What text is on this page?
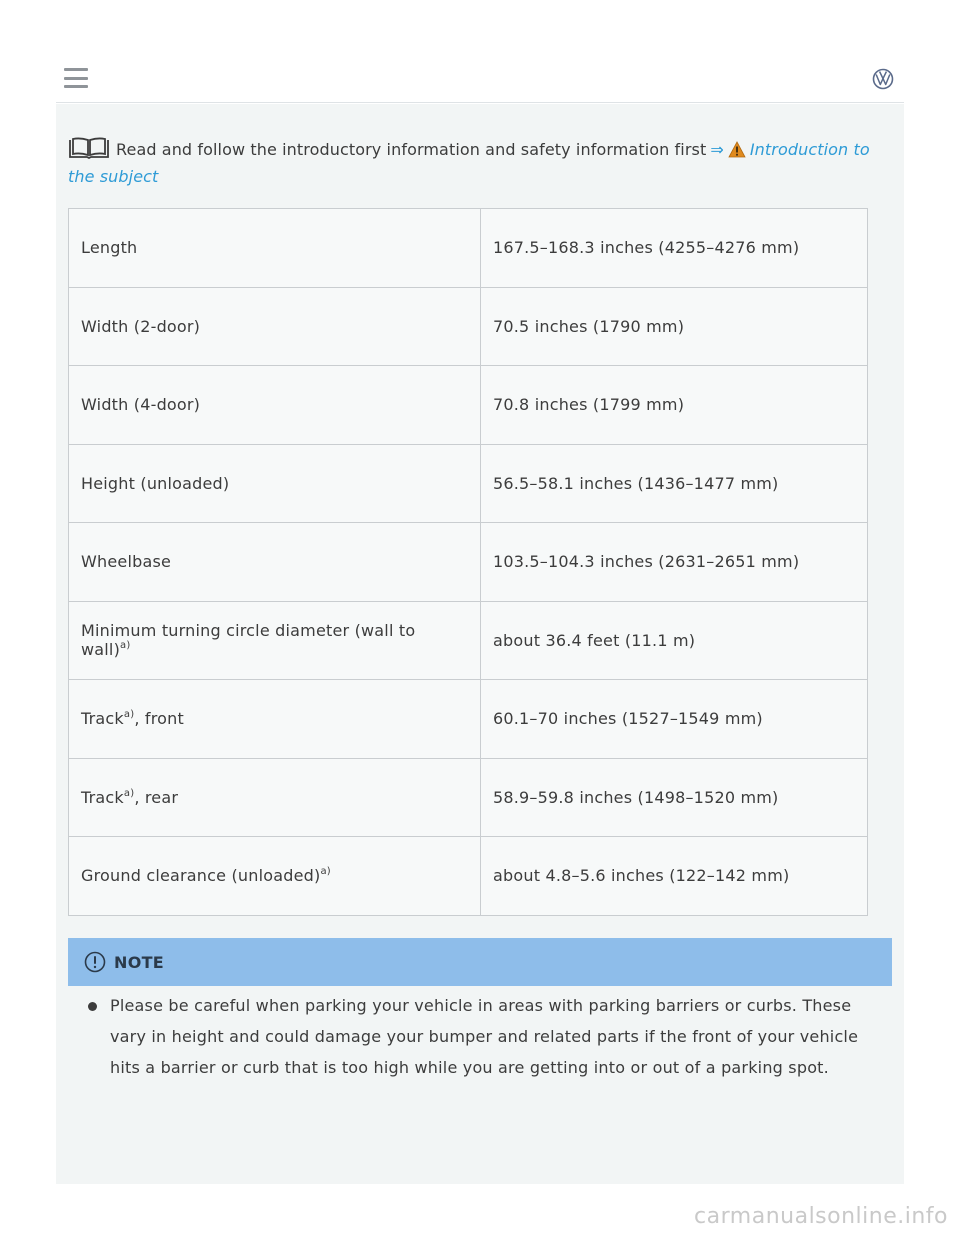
Read and follow the introductory information and safety information first ⇒ Introduction to the subject
Length	167.5–168.3 inches (4255–4276 mm)
Width (2-door)	70.5 inches (1790 mm)
Width (4-door)	70.8 inches (1799 mm)
Height (unloaded)	56.5–58.1 inches (1436–1477 mm)
Wheelbase	103.5–104.3 inches (2631–2651 mm)
Minimum turning circle diameter (wall to wall)$^{a)}$	about 36.4 feet (11.1 m)
Track$^{a)}$, front	60.1–70 inches (1527–1549 mm)
Track$^{a)}$, rear	58.9–59.8 inches (1498–1520 mm)
Ground clearance (unloaded)$^{a)}$	about 4.8–5.6 inches (122–142 mm)
NOTE

Please be careful when parking your vehicle in areas with parking barriers or curbs. These vary in height and could damage your bumper and related parts if the front of your vehicle hits a barrier or curb that is too high while you are getting into or out of a parking spot.

carmanualsonline.info
